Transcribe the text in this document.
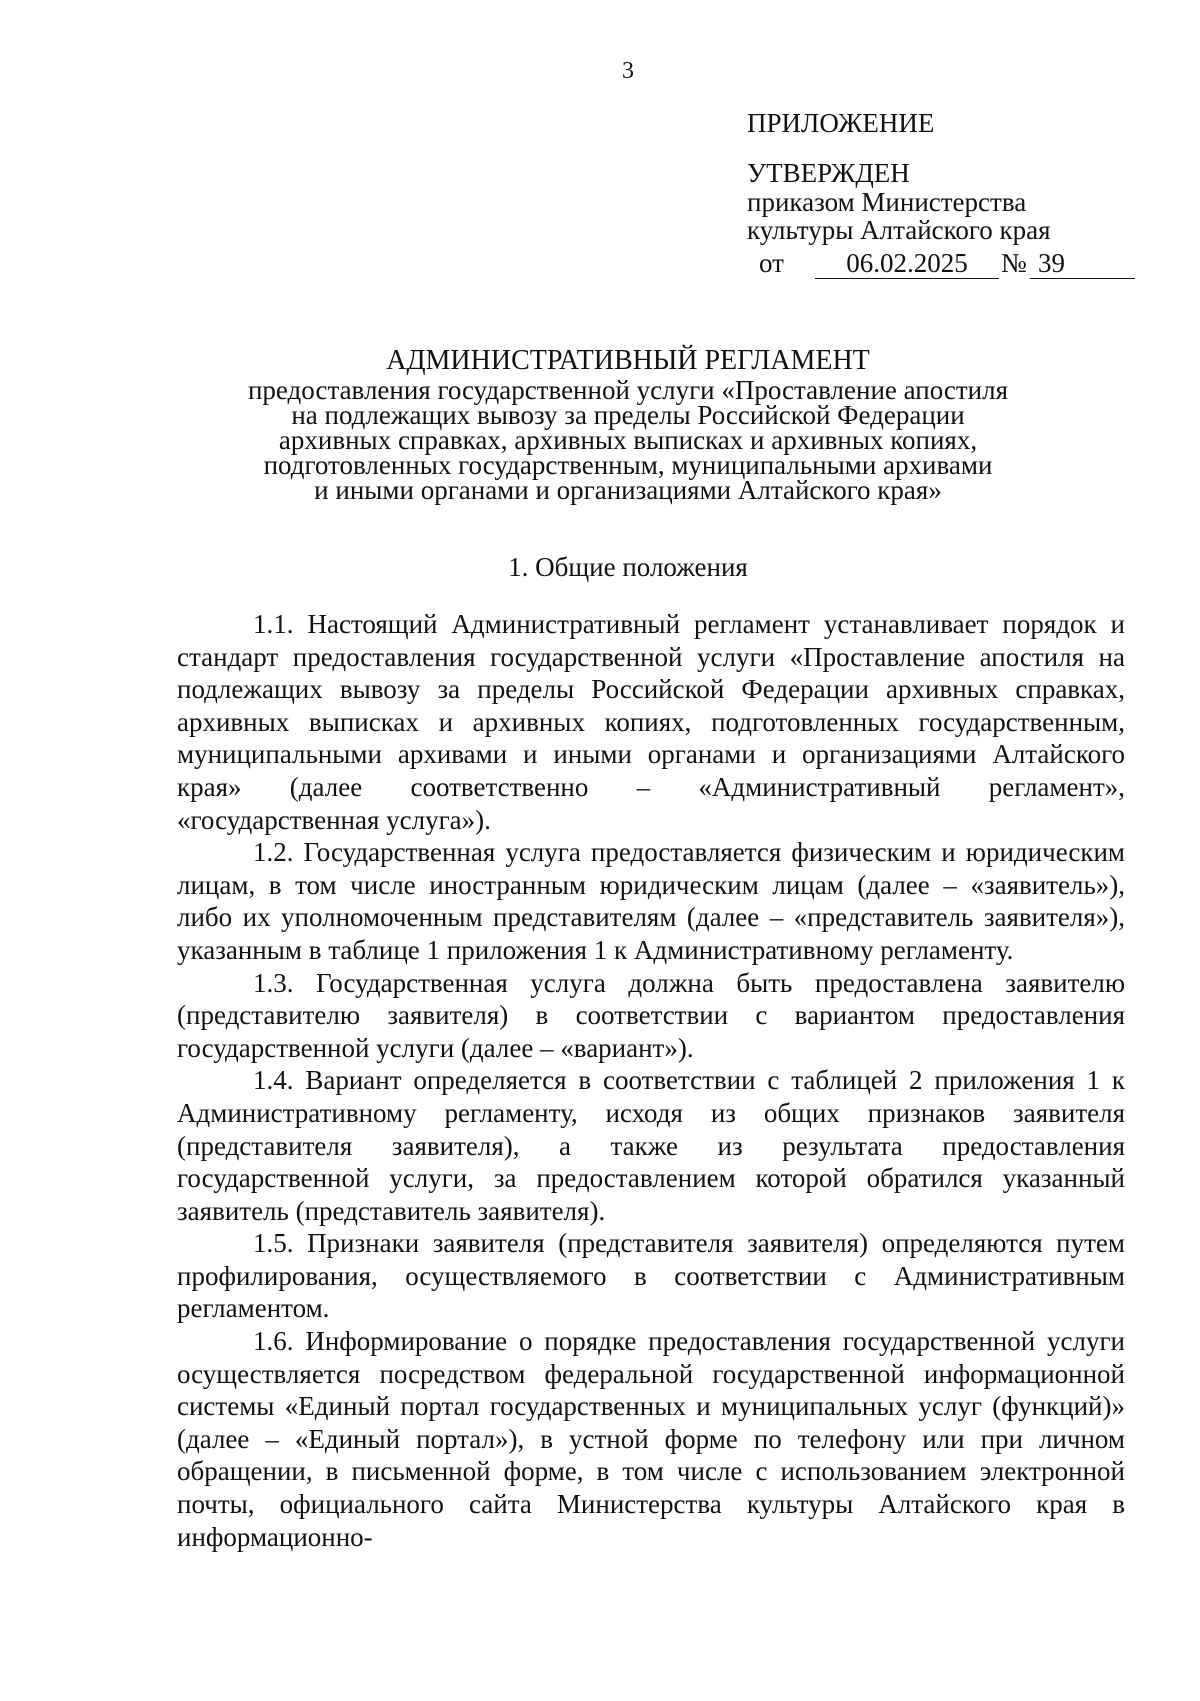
3
ПРИЛОЖЕНИЕ
УТВЕРЖДЕН
приказом Министерства
культуры Алтайского края
от	06.02.2025	№ 39
АДМИНИСТРАТИВНЫЙ РЕГЛАМЕНТ
предоставления государственной услуги «Проставление апостиля
на подлежащих вывозу за пределы Российской Федерации
архивных справках, архивных выписках и архивных копиях,
подготовленных государственным, муниципальными архивами
и иными органами и организациями Алтайского края»
1. Общие положения

1.1. Настоящий Административный регламент устанавливает порядок и стандарт предоставления государственной услуги «Проставление апостиля на подлежащих вывозу за пределы Российской Федерации архивных справках, архивных выписках и архивных копиях, подготовленных государственным, муниципальными архивами и иными органами и организациями Алтайского края» (далее соответственно – «Административный регламент», «государственная услуга»).

1.2. Государственная услуга предоставляется физическим и юридическим лицам, в том числе иностранным юридическим лицам (далее – «заявитель»), либо их уполномоченным представителям (далее – «представитель заявителя»), указанным в таблице 1 приложения 1 к Административному регламенту.

1.3. Государственная услуга должна быть предоставлена заявителю (представителю заявителя) в соответствии с вариантом предоставления государственной услуги (далее – «вариант»).

1.4. Вариант определяется в соответствии с таблицей 2 приложения 1 к Административному регламенту, исходя из общих признаков заявителя (представителя заявителя), а также из результата предоставления государственной услуги, за предоставлением которой обратился указанный заявитель (представитель заявителя).

1.5. Признаки заявителя (представителя заявителя) определяются путем профилирования, осуществляемого в соответствии с Административным регламентом.

1.6. Информирование о порядке предоставления государственной услуги осуществляется посредством федеральной государственной информационной системы «Единый портал государственных и муниципальных услуг (функций)» (далее – «Единый портал»), в устной форме по телефону или при личном обращении, в письменной форме, в том числе с использованием электронной почты, официального сайта Министерства культуры Алтайского края в информационно-
